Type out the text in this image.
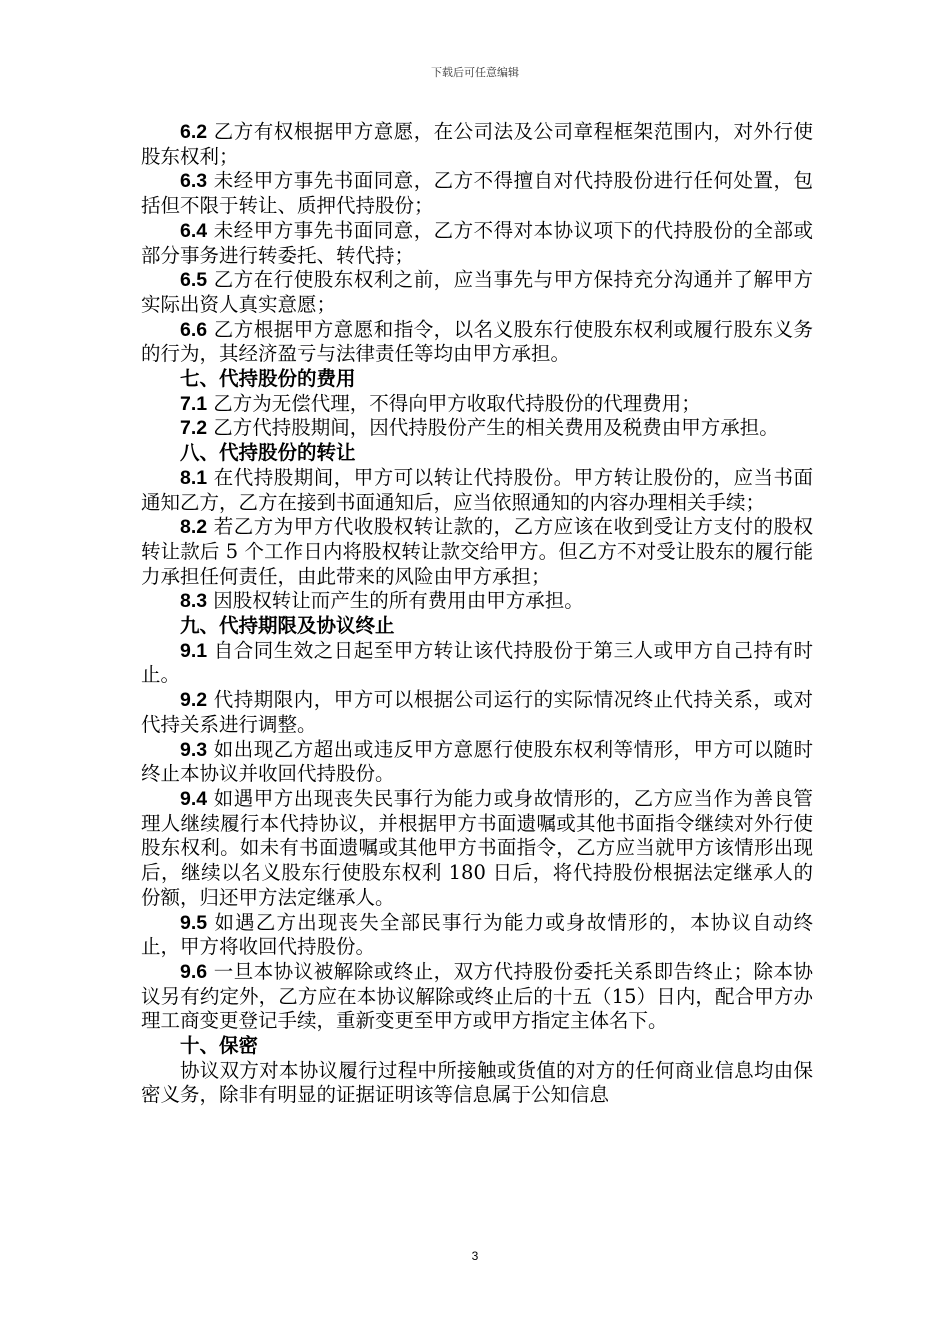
下载后可任意编辑

6.2 乙方有权根据甲方意愿，在公司法及公司章程框架范围内，对外行使股东权利；

6.3 未经甲方事先书面同意，乙方不得擅自对代持股份进行任何处置，包括但不限于转让、质押代持股份；

6.4 未经甲方事先书面同意，乙方不得对本协议项下的代持股份的全部或部分事务进行转委托、转代持；

6.5 乙方在行使股东权利之前，应当事先与甲方保持充分沟通并了解甲方实际出资人真实意愿；

6.6 乙方根据甲方意愿和指令，以名义股东行使股东权利或履行股东义务的行为，其经济盈亏与法律责任等均由甲方承担。

七、代持股份的费用

7.1 乙方为无偿代理，不得向甲方收取代持股份的代理费用；

7.2 乙方代持股期间，因代持股份产生的相关费用及税费由甲方承担。

八、代持股份的转让

8.1 在代持股期间，甲方可以转让代持股份。甲方转让股份的，应当书面通知乙方，乙方在接到书面通知后，应当依照通知的内容办理相关手续；

8.2 若乙方为甲方代收股权转让款的，乙方应该在收到受让方支付的股权转让款后 5 个工作日内将股权转让款交给甲方。但乙方不对受让股东的履行能力承担任何责任，由此带来的风险由甲方承担；

8.3 因股权转让而产生的所有费用由甲方承担。

九、代持期限及协议终止

9.1 自合同生效之日起至甲方转让该代持股份于第三人或甲方自己持有时止。

9.2 代持期限内，甲方可以根据公司运行的实际情况终止代持关系，或对代持关系进行调整。

9.3 如出现乙方超出或违反甲方意愿行使股东权利等情形，甲方可以随时终止本协议并收回代持股份。

9.4 如遇甲方出现丧失民事行为能力或身故情形的，乙方应当作为善良管理人继续履行本代持协议，并根据甲方书面遗嘱或其他书面指令继续对外行使股东权利。如未有书面遗嘱或其他甲方书面指令，乙方应当就甲方该情形出现后，继续以名义股东行使股东权利 180 日后，将代持股份根据法定继承人的份额，归还甲方法定继承人。

9.5 如遇乙方出现丧失全部民事行为能力或身故情形的，本协议自动终止，甲方将收回代持股份。

9.6 一旦本协议被解除或终止，双方代持股份委托关系即告终止；除本协议另有约定外，乙方应在本协议解除或终止后的十五（15）日内，配合甲方办理工商变更登记手续，重新变更至甲方或甲方指定主体名下。

十、保密

协议双方对本协议履行过程中所接触或货值的对方的任何商业信息均由保密义务，除非有明显的证据证明该等信息属于公知信息

3
